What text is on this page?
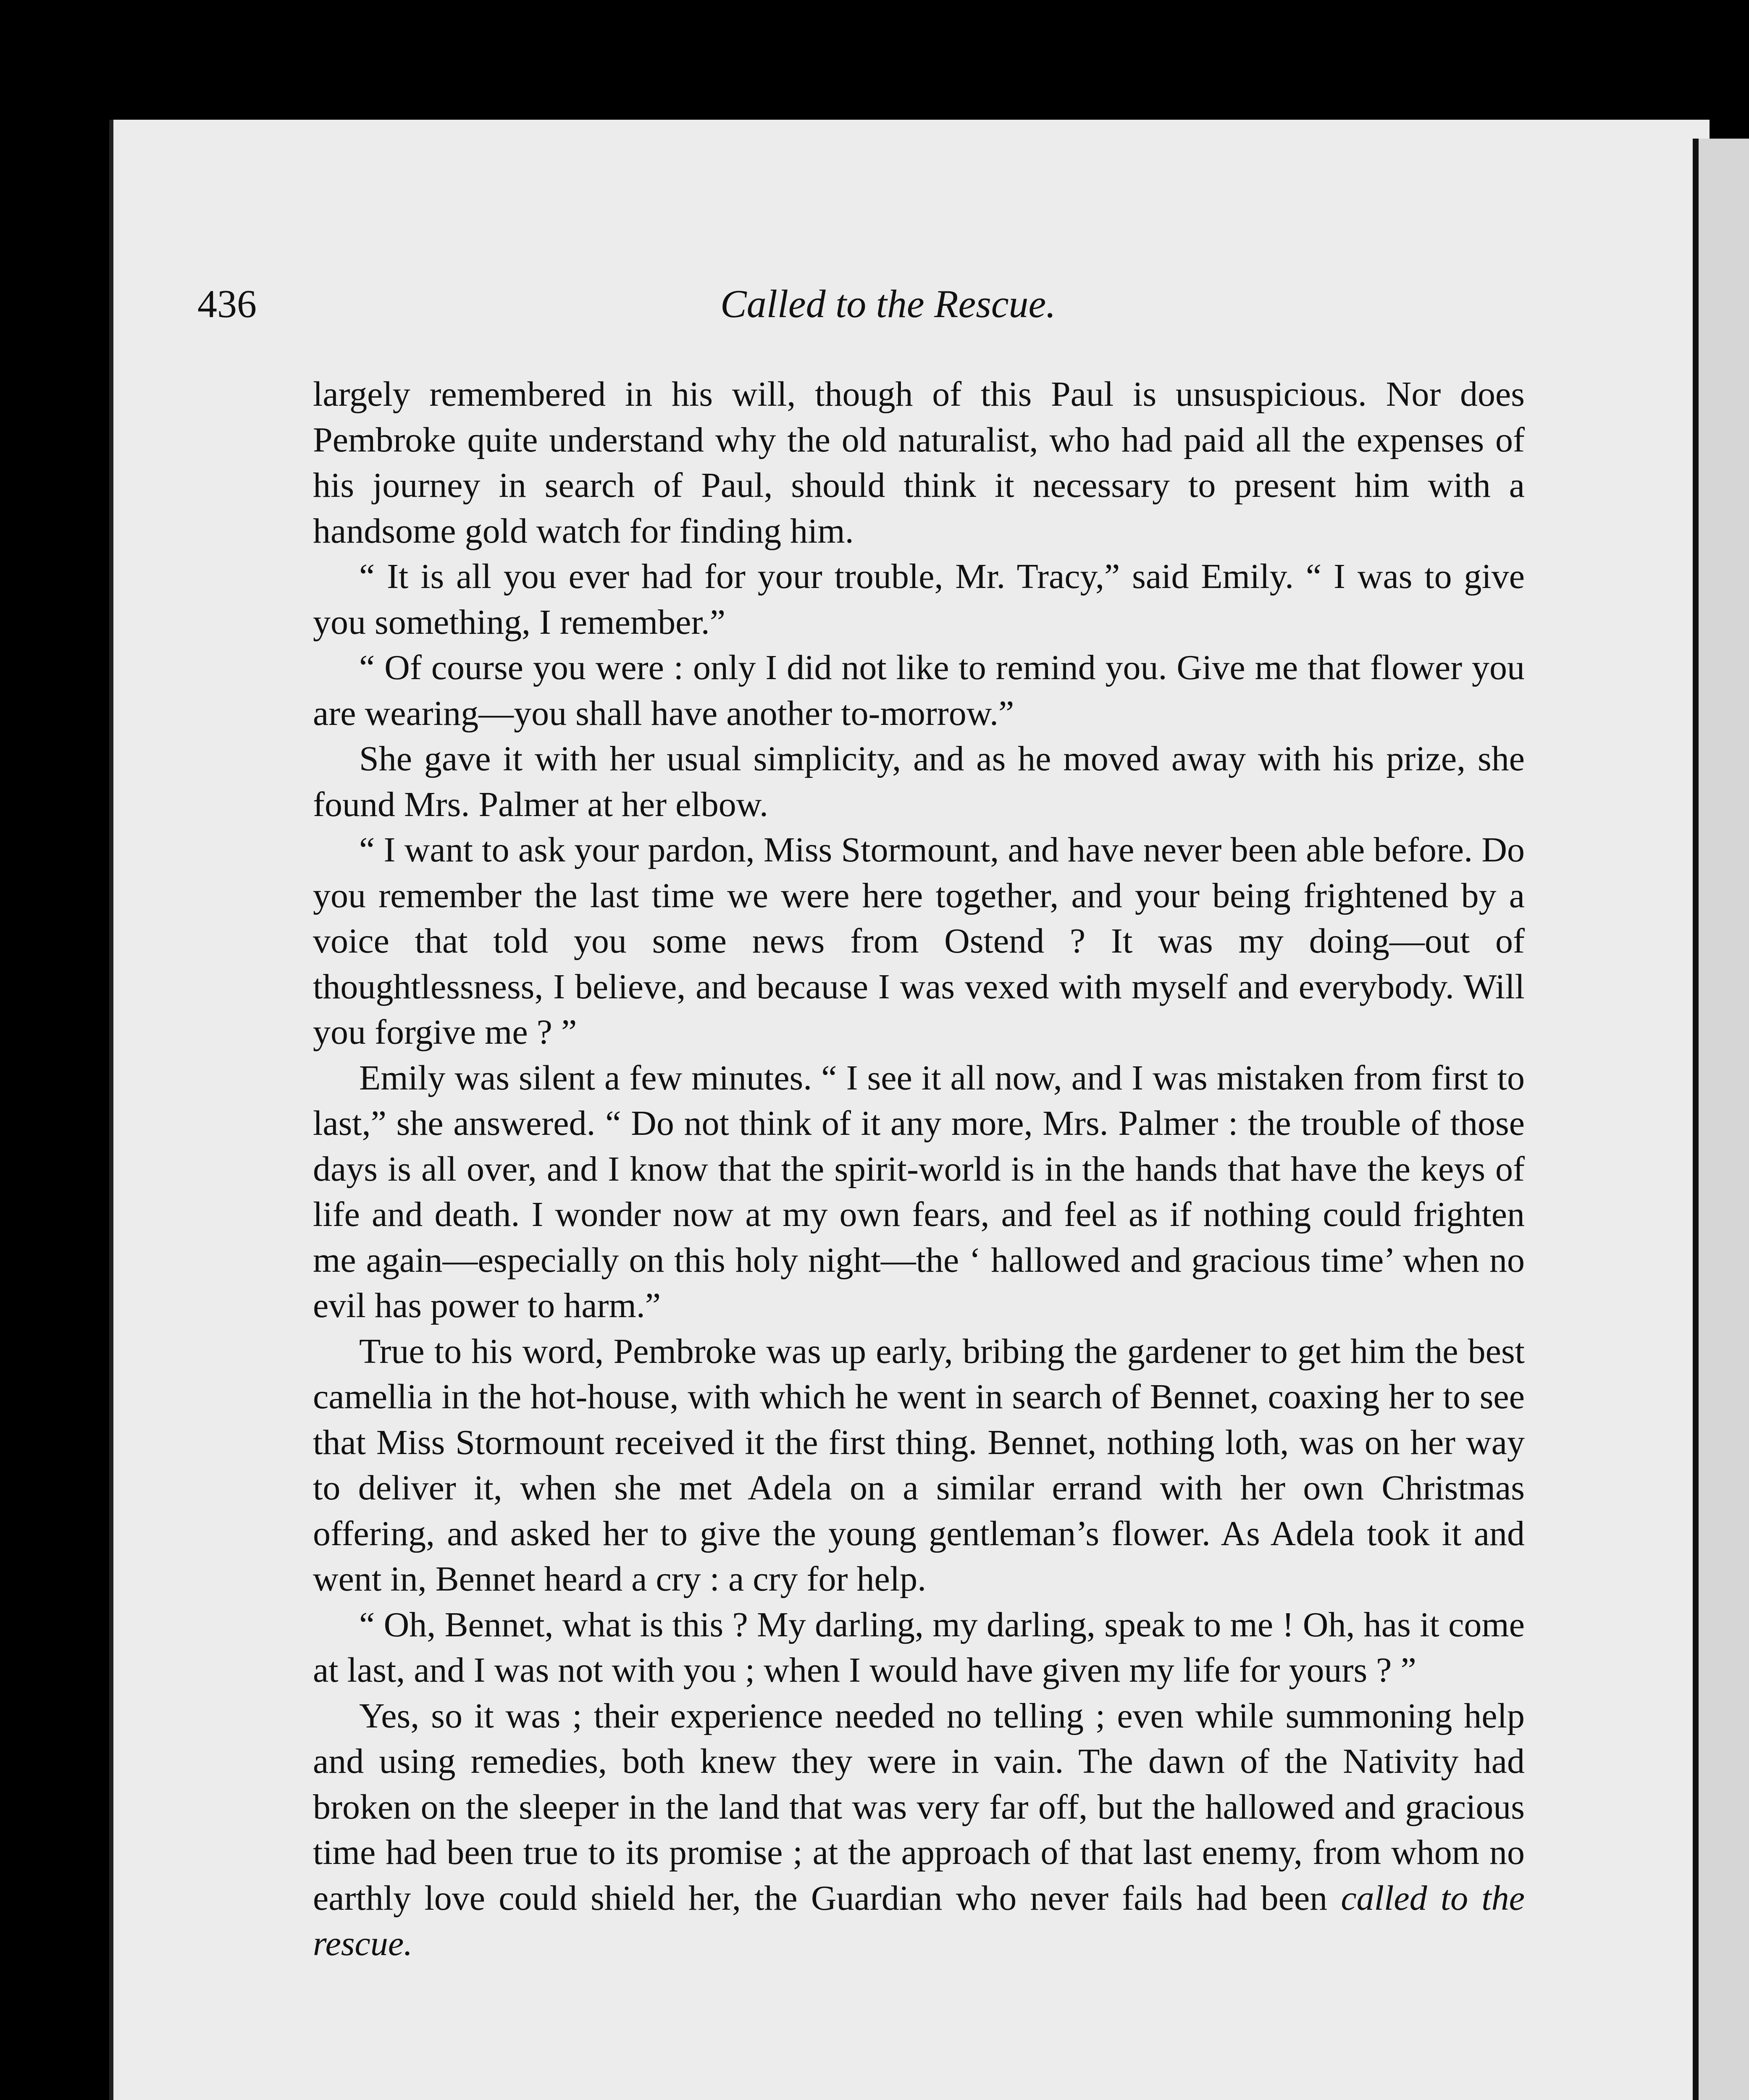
436	Called to the Rescue.

largely remembered in his will, though of this Paul is unsuspicious. Nor does Pembroke quite understand why the old naturalist, who had paid all the expenses of his journey in search of Paul, should think it necessary to present him with a handsome gold watch for finding him.

“ It is all you ever had for your trouble, Mr. Tracy,” said Emily. “ I was to give you something, I remember.”

“ Of course you were : only I did not like to remind you. Give me that flower you are wearing—you shall have another to-morrow.”

She gave it with her usual simplicity, and as he moved away with his prize, she found Mrs. Palmer at her elbow.

“ I want to ask your pardon, Miss Stormount, and have never been able before. Do you remember the last time we were here together, and your being frightened by a voice that told you some news from Ostend ? It was my doing—out of thoughtlessness, I believe, and because I was vexed with myself and everybody. Will you forgive me ? ”

Emily was silent a few minutes. “ I see it all now, and I was mistaken from first to last,” she answered. “ Do not think of it any more, Mrs. Palmer : the trouble of those days is all over, and I know that the spirit-world is in the hands that have the keys of life and death. I wonder now at my own fears, and feel as if nothing could frighten me again—especially on this holy night—the ‘ hallowed and gracious time’ when no evil has power to harm.”

True to his word, Pembroke was up early, bribing the gardener to get him the best camellia in the hot-house, with which he went in search of Bennet, coaxing her to see that Miss Stormount received it the first thing. Bennet, nothing loth, was on her way to deliver it, when she met Adela on a similar errand with her own Christmas offering, and asked her to give the young gentleman’s flower. As Adela took it and went in, Bennet heard a cry : a cry for help.

“ Oh, Bennet, what is this ? My darling, my darling, speak to me ! Oh, has it come at last, and I was not with you ; when I would have given my life for yours ? ”

Yes, so it was ; their experience needed no telling ; even while summoning help and using remedies, both knew they were in vain. The dawn of the Nativity had broken on the sleeper in the land that was very far off, but the hallowed and gracious time had been true to its promise ; at the approach of that last enemy, from whom no earthly love could shield her, the Guardian who never fails had been called to the rescue.
